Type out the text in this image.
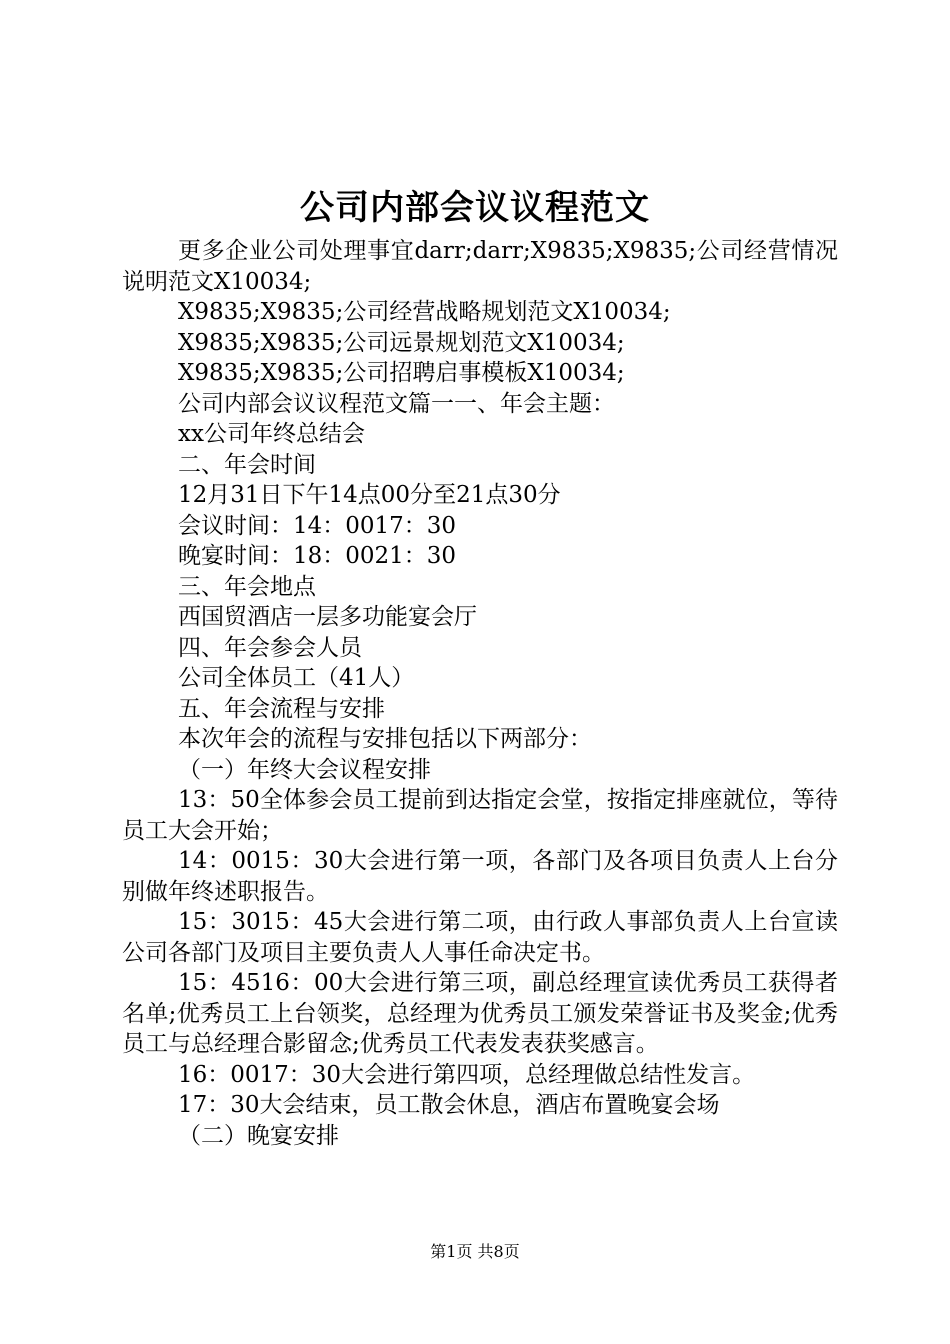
公司内部会议议程范文

更多企业公司处理事宜darr;darr;X9835;X9835;公司经营情况说明范文X10034;

X9835;X9835;公司经营战略规划范文X10034;

X9835;X9835;公司远景规划范文X10034;

X9835;X9835;公司招聘启事模板X10034;

公司内部会议议程范文篇一一、年会主题：

xx公司年终总结会

二、年会时间

12月31日下午14点00分至21点30分

会议时间：14：0017：30

晚宴时间：18：0021：30

三、年会地点

西国贸酒店一层多功能宴会厅

四、年会参会人员

公司全体员工（41人）

五、年会流程与安排

本次年会的流程与安排包括以下两部分：

（一）年终大会议程安排

13：50全体参会员工提前到达指定会堂，按指定排座就位，等待员工大会开始；

14：0015：30大会进行第一项，各部门及各项目负责人上台分别做年终述职报告。

15：3015：45大会进行第二项，由行政人事部负责人上台宣读公司各部门及项目主要负责人人事任命决定书。

15：4516：00大会进行第三项，副总经理宣读优秀员工获得者名单;优秀员工上台领奖，总经理为优秀员工颁发荣誉证书及奖金;优秀员工与总经理合影留念;优秀员工代表发表获奖感言。

16：0017：30大会进行第四项，总经理做总结性发言。

17：30大会结束，员工散会休息，酒店布置晚宴会场

（二）晚宴安排

第1页 共8页
